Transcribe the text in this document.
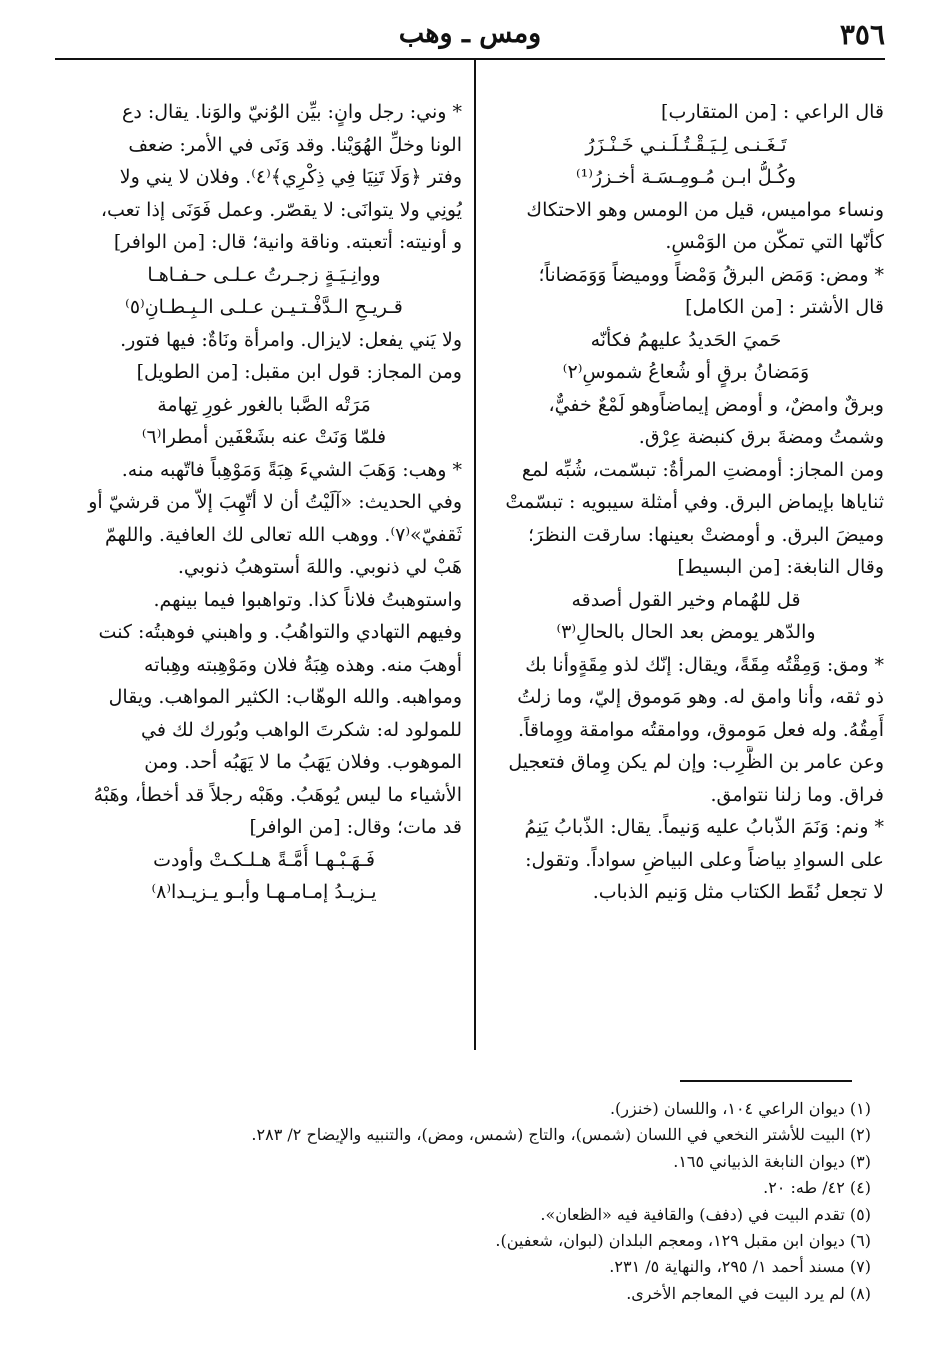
٣٥٦
ومس ـ وهب
قال الراعي : [من المتقارب]
تَـغَـنـى لِـيَـقْـتُـلَـنـي خَـنْـزَرُ
وكُـلُّ ابـن مُـومِـسَـة أخـزرُ⁽¹⁾
ونساء مواميس، قيل من الومس وهو الاحتكاك
كأنّها التي تمكّن من الوَمْسِ.
* ومض: وَمَض البرقُ وَمْضاً ووميضاً وَوَمَضاناً؛
قال الأشتر : [من الكامل]
حَميَ الحَديدُ عليهمُ فكأنّه
وَمَضانُ برقٍ أو شُعاعُ شموسِ⁽٢⁾
وبرقٌ وامضٌ، و أومض إيماضاًوهو لَمْعٌ خفيٌّ،
وشمتُ ومضةَ برق كنبضة عِرْق.
ومن المجاز: أومضتِ المرأةُ: تبسّمت، شُبِّه لمع
ثناياها بإيماض البرق. وفي أمثلة سيبويه : تبسّمتْ
وميضَ البرق. و أومضتْ بعينها: سارقت النظرَ؛
وقال النابغة: [من البسيط]
قل للهُمام وخير القول أصدقه
والدّهر يومض بعد الحال بالحالِ⁽٣⁾
* ومق: وَمِقْتُه مِقَةً، ويقال: إنّك لذو مِقَةٍوأنا بك
ذو ثقه، وأنا وامق له. وهو مَوموق إليّ، وما زلتُ
أَمِقُهُ. وله فعل مَوموق، ووامقتُه موامقة ووِماقاً.
وعن عامر بن الظَّرِب: وإن لم يكن وِماق فتعجيل
فراق. وما زلنا نتوامق.
* ونم: وَنَمَ الذّبابُ عليه وَنيماً. يقال: الذّبابُ يَنِمُ
على السوادِ بياضاً وعلى البياضِ سواداً. وتقول:
لا تجعل نُقَط الكتاب مثل وَنيم الذباب.
* وني: رجل وانٍ: بيِّن الوُنيّ والوَنا. يقال: دع
الونا وخلِّ الهُوَيْنا. وقد وَنَى في الأمر: ضعف
وفتر ﴿وَلَا تَنِيَا فِي ذِكْرِي﴾⁽٤⁾. وفلان لا يني ولا
يُونِي ولا يتوانَى: لا يقصّر. وعمل فَوَنَى إذا تعب،
و أونيته: أتعبته. وناقة وانية؛ قال: [من الوافر]
ووانِـيَـةٍ زجـرتُ عـلـى حـفـاهـا
قـريـحِ الـدَّفْـتـيـن عـلـى الـبِـطـانِ⁽٥⁾
ولا يَني يفعل: لايزال. وامرأة ونَاةٌ: فيها فتور.
ومن المجاز: قول ابن مقبل: [من الطويل]
مَرَتْه الصَّبا بالغور غورِ تِهامة
فلمّا وَنَتْ عنه بشَعْفَين أمطرا⁽٦⁾
* وهب: وَهَبَ الشيءَ هِبَةً وَمَوْهِباً فاتّهبه منه.
وفي الحديث: «آلَيْتُ أن لا أتّهِبَ إلاّ من قرشيّ أو
ثَقفيّ»⁽٧⁾. ووهب الله تعالى لك العافية. واللهمّ
هَبْ لي ذنوبي. واللهَ أستوهبُ ذنوبي.
واستوهبتُ فلاناً كذا. وتواهبوا فيما بينهم.
وفيهم التهادي والتواهُبُ. و واهبني فوهبتُه: كنت
أوهبَ منه. وهذه هِبَةُ فلان ومَوْهِبته وهِباته
ومواهبه. والله الوهّاب: الكثير المواهب. ويقال
للمولود له: شكرتَ الواهب وبُورك لك في
الموهوب. وفلان يَهَبُ ما لا يَهَبُه أحد. ومن
الأشياء ما ليس يُوهَبُ. وهَبْه رجلاً قد أخطأ، وهَبْهُ
قد مات؛ وقال: [من الوافر]
فَـهَـبْـهـا أُمَّـةً هـلـكـتْ وأودت
يـزيـدُ إمـامـهـا وأبـو يـزيـدا⁽٨⁾
(١) ديوان الراعي ١٠٤، واللسان (خنزر).
(٢) البيت للأشتر النخعي في اللسان (شمس)، والتاج (شمس، ومض)، والتنبيه والإيضاح ٢/ ٢٨٣.
(٣) ديوان النابغة الذبياني ١٦٥.
(٤) ٤٢/ طه: ٢٠.
(٥) تقدم البيت في (دفف) والقافية فيه «الظعان».
(٦) ديوان ابن مقبل ١٢٩، ومعجم البلدان (لبوان، شعفين).
(٧) مسند أحمد ١/ ٢٩٥، والنهاية ٥/ ٢٣١.
(٨) لم يرد البيت في المعاجم الأخرى.
